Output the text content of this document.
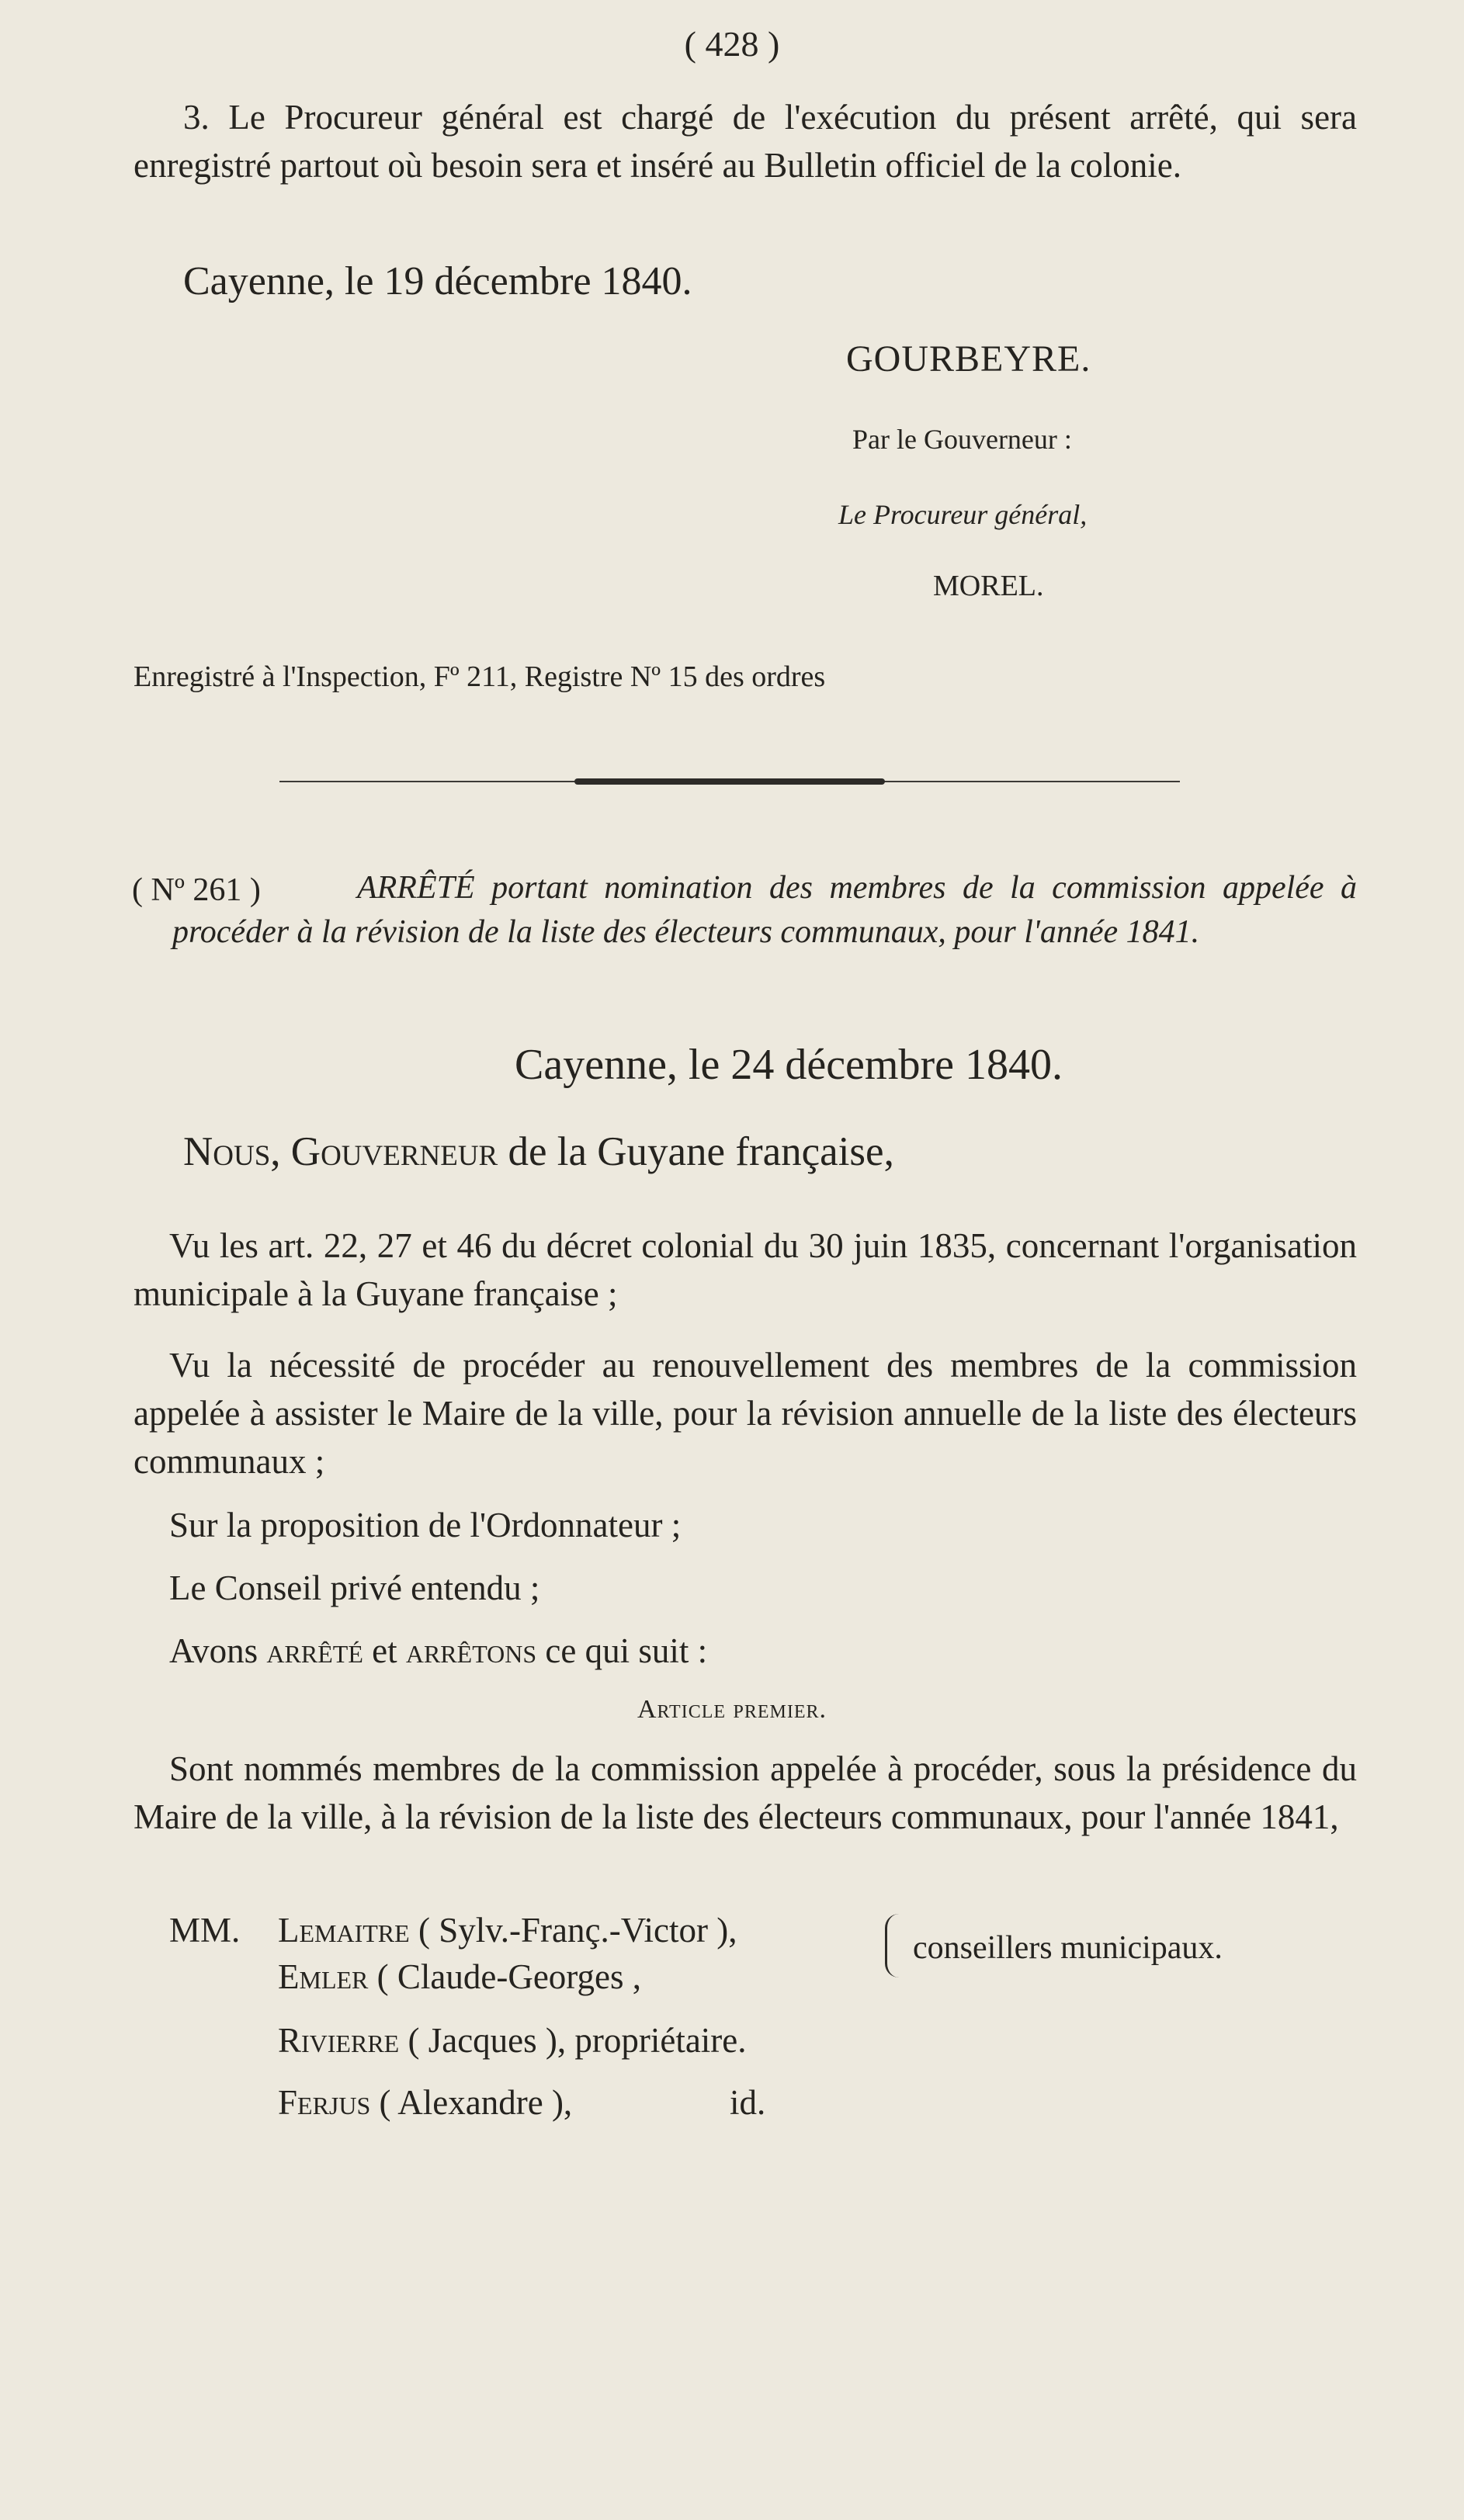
( 428 )

3. Le Procureur général est chargé de l'exécution du présent arrêté, qui sera enregistré partout où besoin sera et inséré au Bulletin officiel de la colonie.

Cayenne, le 19 décembre 1840.
GOURBEYRE.
Par le Gouverneur :
Le Procureur général,
MOREL.
Enregistré à l'Inspection, Fº 211, Registre Nº 15 des ordres
( Nº 261 )	ARRÊTÉ portant nomination des membres de la commission appelée à procéder à la révision de la liste des électeurs communaux, pour l'année 1841.

Cayenne, le 24 décembre 1840.
Nous, Gouverneur de la Guyane française,

Vu les art. 22, 27 et 46 du décret colonial du 30 juin 1835, concernant l'organisation municipale à la Guyane française ;

Vu la nécessité de procéder au renouvellement des membres de la commission appelée à assister le Maire de la ville, pour la révision annuelle de la liste des électeurs communaux ;

Sur la proposition de l'Ordonnateur ;
Le Conseil privé entendu ;
Avons arrêté et arrêtons ce qui suit :
Article premier.

Sont nommés membres de la commission appelée à procéder, sous la présidence du Maire de la ville, à la révision de la liste des électeurs communaux, pour l'année 1841,

MM. Lemaitre ( Sylv.-Franç.-Victor ),
Emler ( Claude-Georges ,
conseillers municipaux.
Rivierre ( Jacques ), propriétaire.
Ferjus ( Alexandre ),	id.
